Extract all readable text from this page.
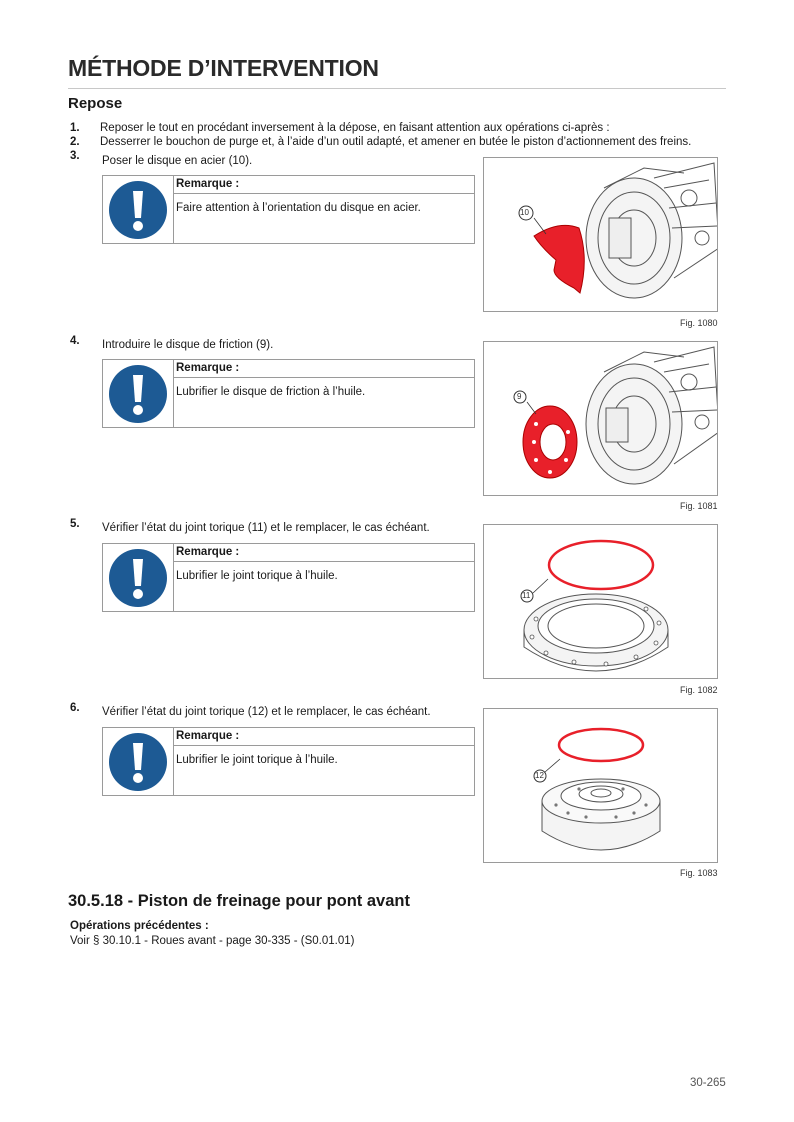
MÉTHODE D’INTERVENTION
Repose
1. Reposer le tout en procédant inversement à la dépose, en faisant attention aux opérations ci-après :
2. Desserrer le bouchon de purge et, à l’aide d’un outil adapté, et amener en butée le piston d’actionnement des freins.
3. Poser le disque en acier (10).
Remarque :
Faire attention à l’orientation du disque en acier.	10
Fig. 1080
4. Introduire le disque de friction (9).
Remarque :
Lubrifier le disque de friction à l’huile.	9
Fig. 1081
5. Vérifier l’état du joint torique (11) et le remplacer, le cas échéant.
Remarque :
Lubrifier le joint torique à l’huile.
11
Fig. 1082
6. Vérifier l’état du joint torique (12) et le remplacer, le cas échéant.
Remarque :
Lubrifier le joint torique à l’huile.
12
Fig. 1083
30.5.18 - Piston de freinage pour pont avant
Opérations précédentes :
Voir § 30.10.1 - Roues avant - page 30-335 - (S0.01.01)
30-265
